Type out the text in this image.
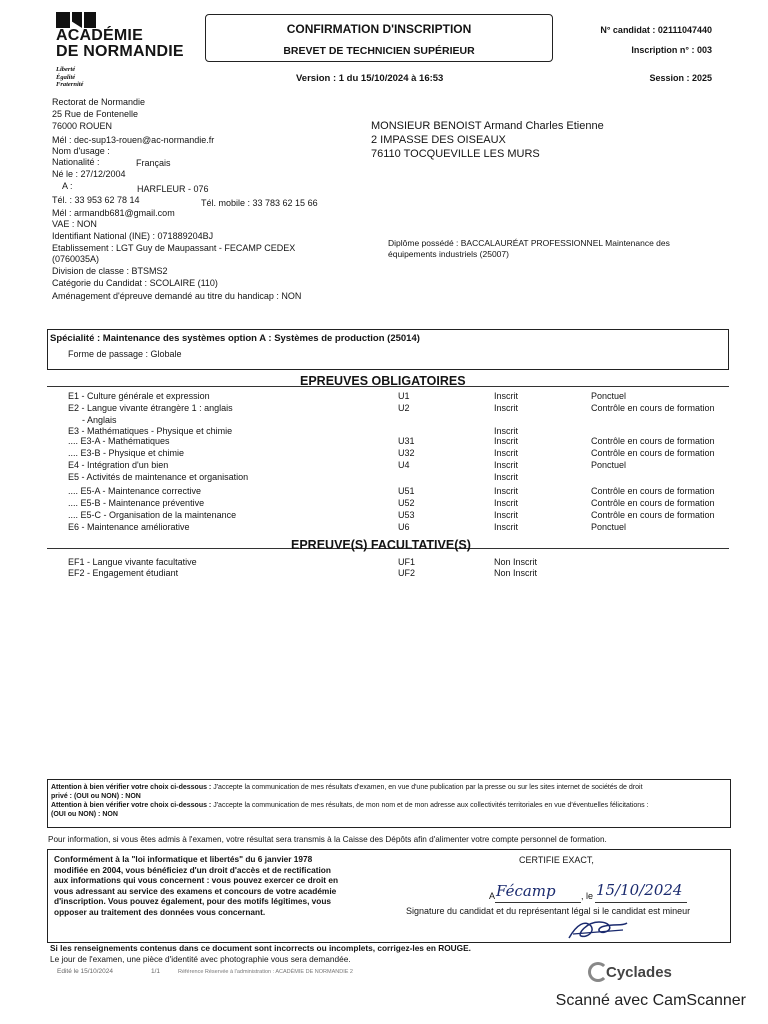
ACADÉMIE
DE NORMANDIE
Liberté
Égalité
Fraternité
CONFIRMATION D'INSCRIPTION
BREVET DE TECHNICIEN SUPÉRIEUR
Version : 1 du 15/10/2024 à 16:53
N° candidat : 02111047440
Inscription n° : 003
Session : 2025
Rectorat de Normandie
25 Rue de Fontenelle
76000 ROUEN
Mél : dec-sup13-rouen@ac-normandie.fr
Nom d'usage :
Nationalité :	Français
Né le : 27/12/2004
A :	HARFLEUR - 076
Tél. : 33 953 62 78 14	Tél. mobile : 33 783 62 15 66
Mél : armandb681@gmail.com
VAE : NON
Identifiant National (INE) : 071889204BJ
Etablissement : LGT Guy de Maupassant - FECAMP CEDEX
(0760035A)
Division de classe : BTSMS2
Catégorie du Candidat : SCOLAIRE (110)
Aménagement d'épreuve demandé au titre du handicap : NON
MONSIEUR BENOIST Armand Charles Etienne
2 IMPASSE DES OISEAUX
76110 TOCQUEVILLE LES MURS
Diplôme possédé : BACCALAURÉAT PROFESSIONNEL Maintenance des
équipements industriels (25007)
Spécialité : Maintenance des systèmes option A : Systèmes de production (25014)
Forme de passage : Globale
EPREUVES OBLIGATOIRES
E1 - Culture générale et expression	U1	Inscrit	Ponctuel
E2 - Langue vivante étrangère 1 : anglais	U2	Inscrit	Contrôle en cours de formation
- Anglais
E3 - Mathématiques - Physique et chimie	Inscrit
.... E3-A - Mathématiques	U31	Inscrit	Contrôle en cours de formation
.... E3-B - Physique et chimie	U32	Inscrit	Contrôle en cours de formation
E4 - Intégration d'un bien	U4	Inscrit	Ponctuel
E5 - Activités de maintenance et organisation	Inscrit
.... E5-A - Maintenance corrective	U51	Inscrit	Contrôle en cours de formation
.... E5-B - Maintenance préventive	U52	Inscrit	Contrôle en cours de formation
.... E5-C - Organisation de la maintenance	U53	Inscrit	Contrôle en cours de formation
E6 - Maintenance améliorative	U6	Inscrit	Ponctuel
EPREUVE(S) FACULTATIVE(S)
EF1 - Langue vivante facultative	UF1	Non Inscrit
EF2 - Engagement étudiant	UF2	Non Inscrit
Attention à bien vérifier votre choix ci-dessous : J'accepte la communication de mes résultats d'examen, en vue d'une publication par la presse ou sur les sites internet de sociétés de droit
privé : (OUI ou NON) : NON
Attention à bien vérifier votre choix ci-dessous : J'accepte la communication de mes résultats, de mon nom et de mon adresse aux collectivités territoriales en vue d'éventuelles félicitations :
(OUI ou NON) : NON
Pour information, si vous êtes admis à l'examen, votre résultat sera transmis à la Caisse des Dépôts afin d'alimenter votre compte personnel de formation.
Conformément à la "loi informatique et libertés" du 6 janvier 1978
modifiée en 2004, vous bénéficiez d'un droit d'accès et de rectification
aux informations qui vous concernent : vous pouvez exercer ce droit en
vous adressant au service des examens et concours de votre académie
d'inscription. Vous pouvez également, pour des motifs légitimes, vous
opposer au traitement des données vous concernant.
CERTIFIE EXACT,
A Fécamp	, le 15/10/2024
Signature du candidat et du représentant légal si le candidat est mineur
Si les renseignements contenus dans ce document sont incorrects ou incomplets, corrigez-les en ROUGE.
Le jour de l'examen, une pièce d'identité avec photographie vous sera demandée.
Edité le 15/10/2024	1/1	Référence Réservée à l'administration : ACADÉMIE DE NORMANDIE 2	Cyclades
Scanné avec CamScanner
